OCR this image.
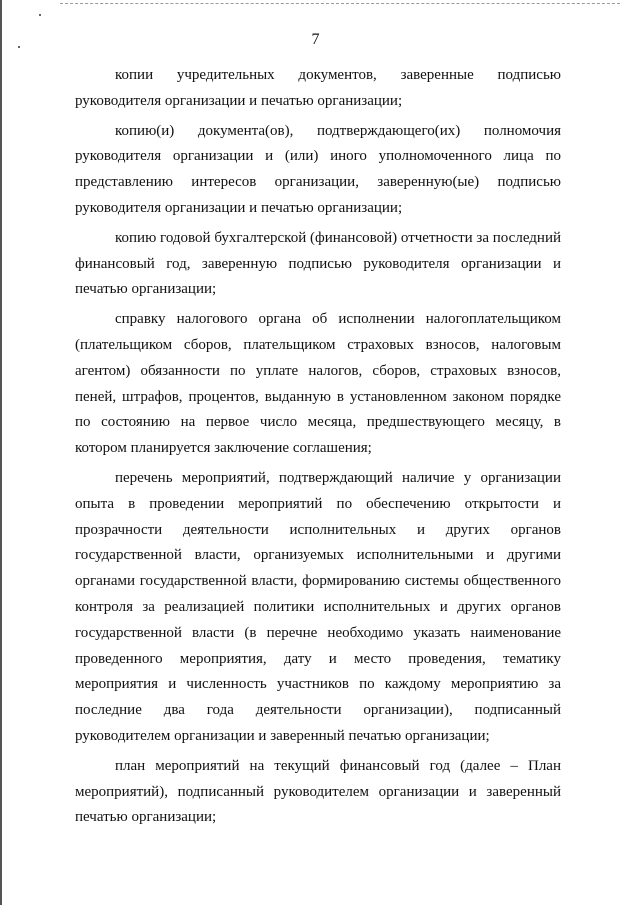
7

копии учредительных документов, заверенные подписью руководителя организации и печатью организации;

копию(и) документа(ов), подтверждающего(их) полномочия руководителя организации и (или) иного уполномоченного лица по представлению интересов организации, заверенную(ые) подписью руководителя организации и печатью организации;

копию годовой бухгалтерской (финансовой) отчетности за последний финансовый год, заверенную подписью руководителя организации и печатью организации;

справку налогового органа об исполнении налогоплательщиком (плательщиком сборов, плательщиком страховых взносов, налоговым агентом) обязанности по уплате налогов, сборов, страховых взносов, пеней, штрафов, процентов, выданную в установленном законом порядке по состоянию на первое число месяца, предшествующего месяцу, в котором планируется заключение соглашения;

перечень мероприятий, подтверждающий наличие у организации опыта в проведении мероприятий по обеспечению открытости и прозрачности деятельности исполнительных и других органов государственной власти, организуемых исполнительными и другими органами государственной власти, формированию системы общественного контроля за реализацией политики исполнительных и других органов государственной власти (в перечне необходимо указать наименование проведенного мероприятия, дату и место проведения, тематику мероприятия и численность участников по каждому мероприятию за последние два года деятельности организации), подписанный руководителем организации и заверенный печатью организации;

план мероприятий на текущий финансовый год (далее – План мероприятий), подписанный руководителем организации и заверенный печатью организации;
